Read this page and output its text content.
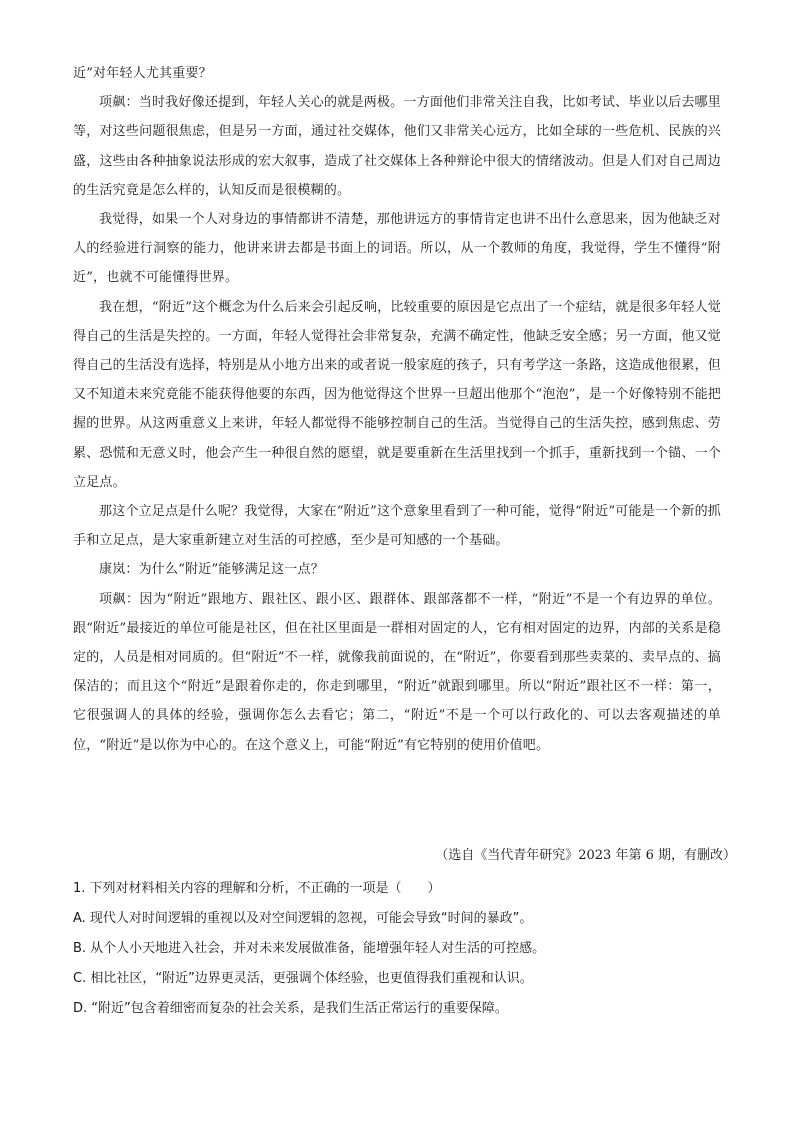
近”对年轻人尤其重要？

项飙：当时我好像还提到，年轻人关心的就是两极。一方面他们非常关注自我，比如考试、毕业以后去哪里等，对这些问题很焦虑，但是另一方面，通过社交媒体，他们又非常关心远方，比如全球的一些危机、民族的兴盛，这些由各种抽象说法形成的宏大叙事，造成了社交媒体上各种辩论中很大的情绪波动。但是人们对自己周边的生活究竟是怎么样的，认知反而是很模糊的。

我觉得，如果一个人对身边的事情都讲不清楚，那他讲远方的事情肯定也讲不出什么意思来，因为他缺乏对人的经验进行洞察的能力，他讲来讲去都是书面上的词语。所以，从一个教师的角度，我觉得，学生不懂得“附近”，也就不可能懂得世界。

我在想，“附近”这个概念为什么后来会引起反响，比较重要的原因是它点出了一个症结，就是很多年轻人觉得自己的生活是失控的。一方面，年轻人觉得社会非常复杂，充满不确定性，他缺乏安全感；另一方面，他又觉得自己的生活没有选择，特别是从小地方出来的或者说一般家庭的孩子，只有考学这一条路，这造成他很累，但又不知道未来究竟能不能获得他要的东西，因为他觉得这个世界一旦超出他那个“泡泡”，是一个好像特别不能把握的世界。从这两重意义上来讲，年轻人都觉得不能够控制自己的生活。当觉得自己的生活失控，感到焦虑、劳累、恐慌和无意义时，他会产生一种很自然的愿望，就是要重新在生活里找到一个抓手，重新找到一个锚、一个立足点。

那这个立足点是什么呢？我觉得，大家在“附近”这个意象里看到了一种可能，觉得“附近”可能是一个新的抓手和立足点，是大家重新建立对生活的可控感，至少是可知感的一个基础。

康岚：为什么“附近”能够满足这一点？

项飙：因为“附近”跟地方、跟社区、跟小区、跟群体、跟部落都不一样，“附近”不是一个有边界的单位。跟“附近”最接近的单位可能是社区，但在社区里面是一群相对固定的人，它有相对固定的边界，内部的关系是稳定的，人员是相对同质的。但“附近”不一样，就像我前面说的，在“附近”，你要看到那些卖菜的、卖早点的、搞保洁的；而且这个“附近”是跟着你走的，你走到哪里，“附近”就跟到哪里。所以“附近”跟社区不一样：第一，它很强调人的具体的经验，强调你怎么去看它；第二，“附近”不是一个可以行政化的、可以去客观描述的单位，“附近”是以你为中心的。在这个意义上，可能“附近”有它特别的使用价值吧。

（选自《当代青年研究》2023 年第 6 期，有删改）
1. 下列对材料相关内容的理解和分析，不正确的一项是（　　）
A. 现代人对时间逻辑的重视以及对空间逻辑的忽视，可能会导致“时间的暴政”。
B. 从个人小天地进入社会，并对未来发展做准备，能增强年轻人对生活的可控感。
C. 相比社区，“附近”边界更灵活，更强调个体经验，也更值得我们重视和认识。
D. “附近”包含着细密而复杂的社会关系，是我们生活正常运行的重要保障。
